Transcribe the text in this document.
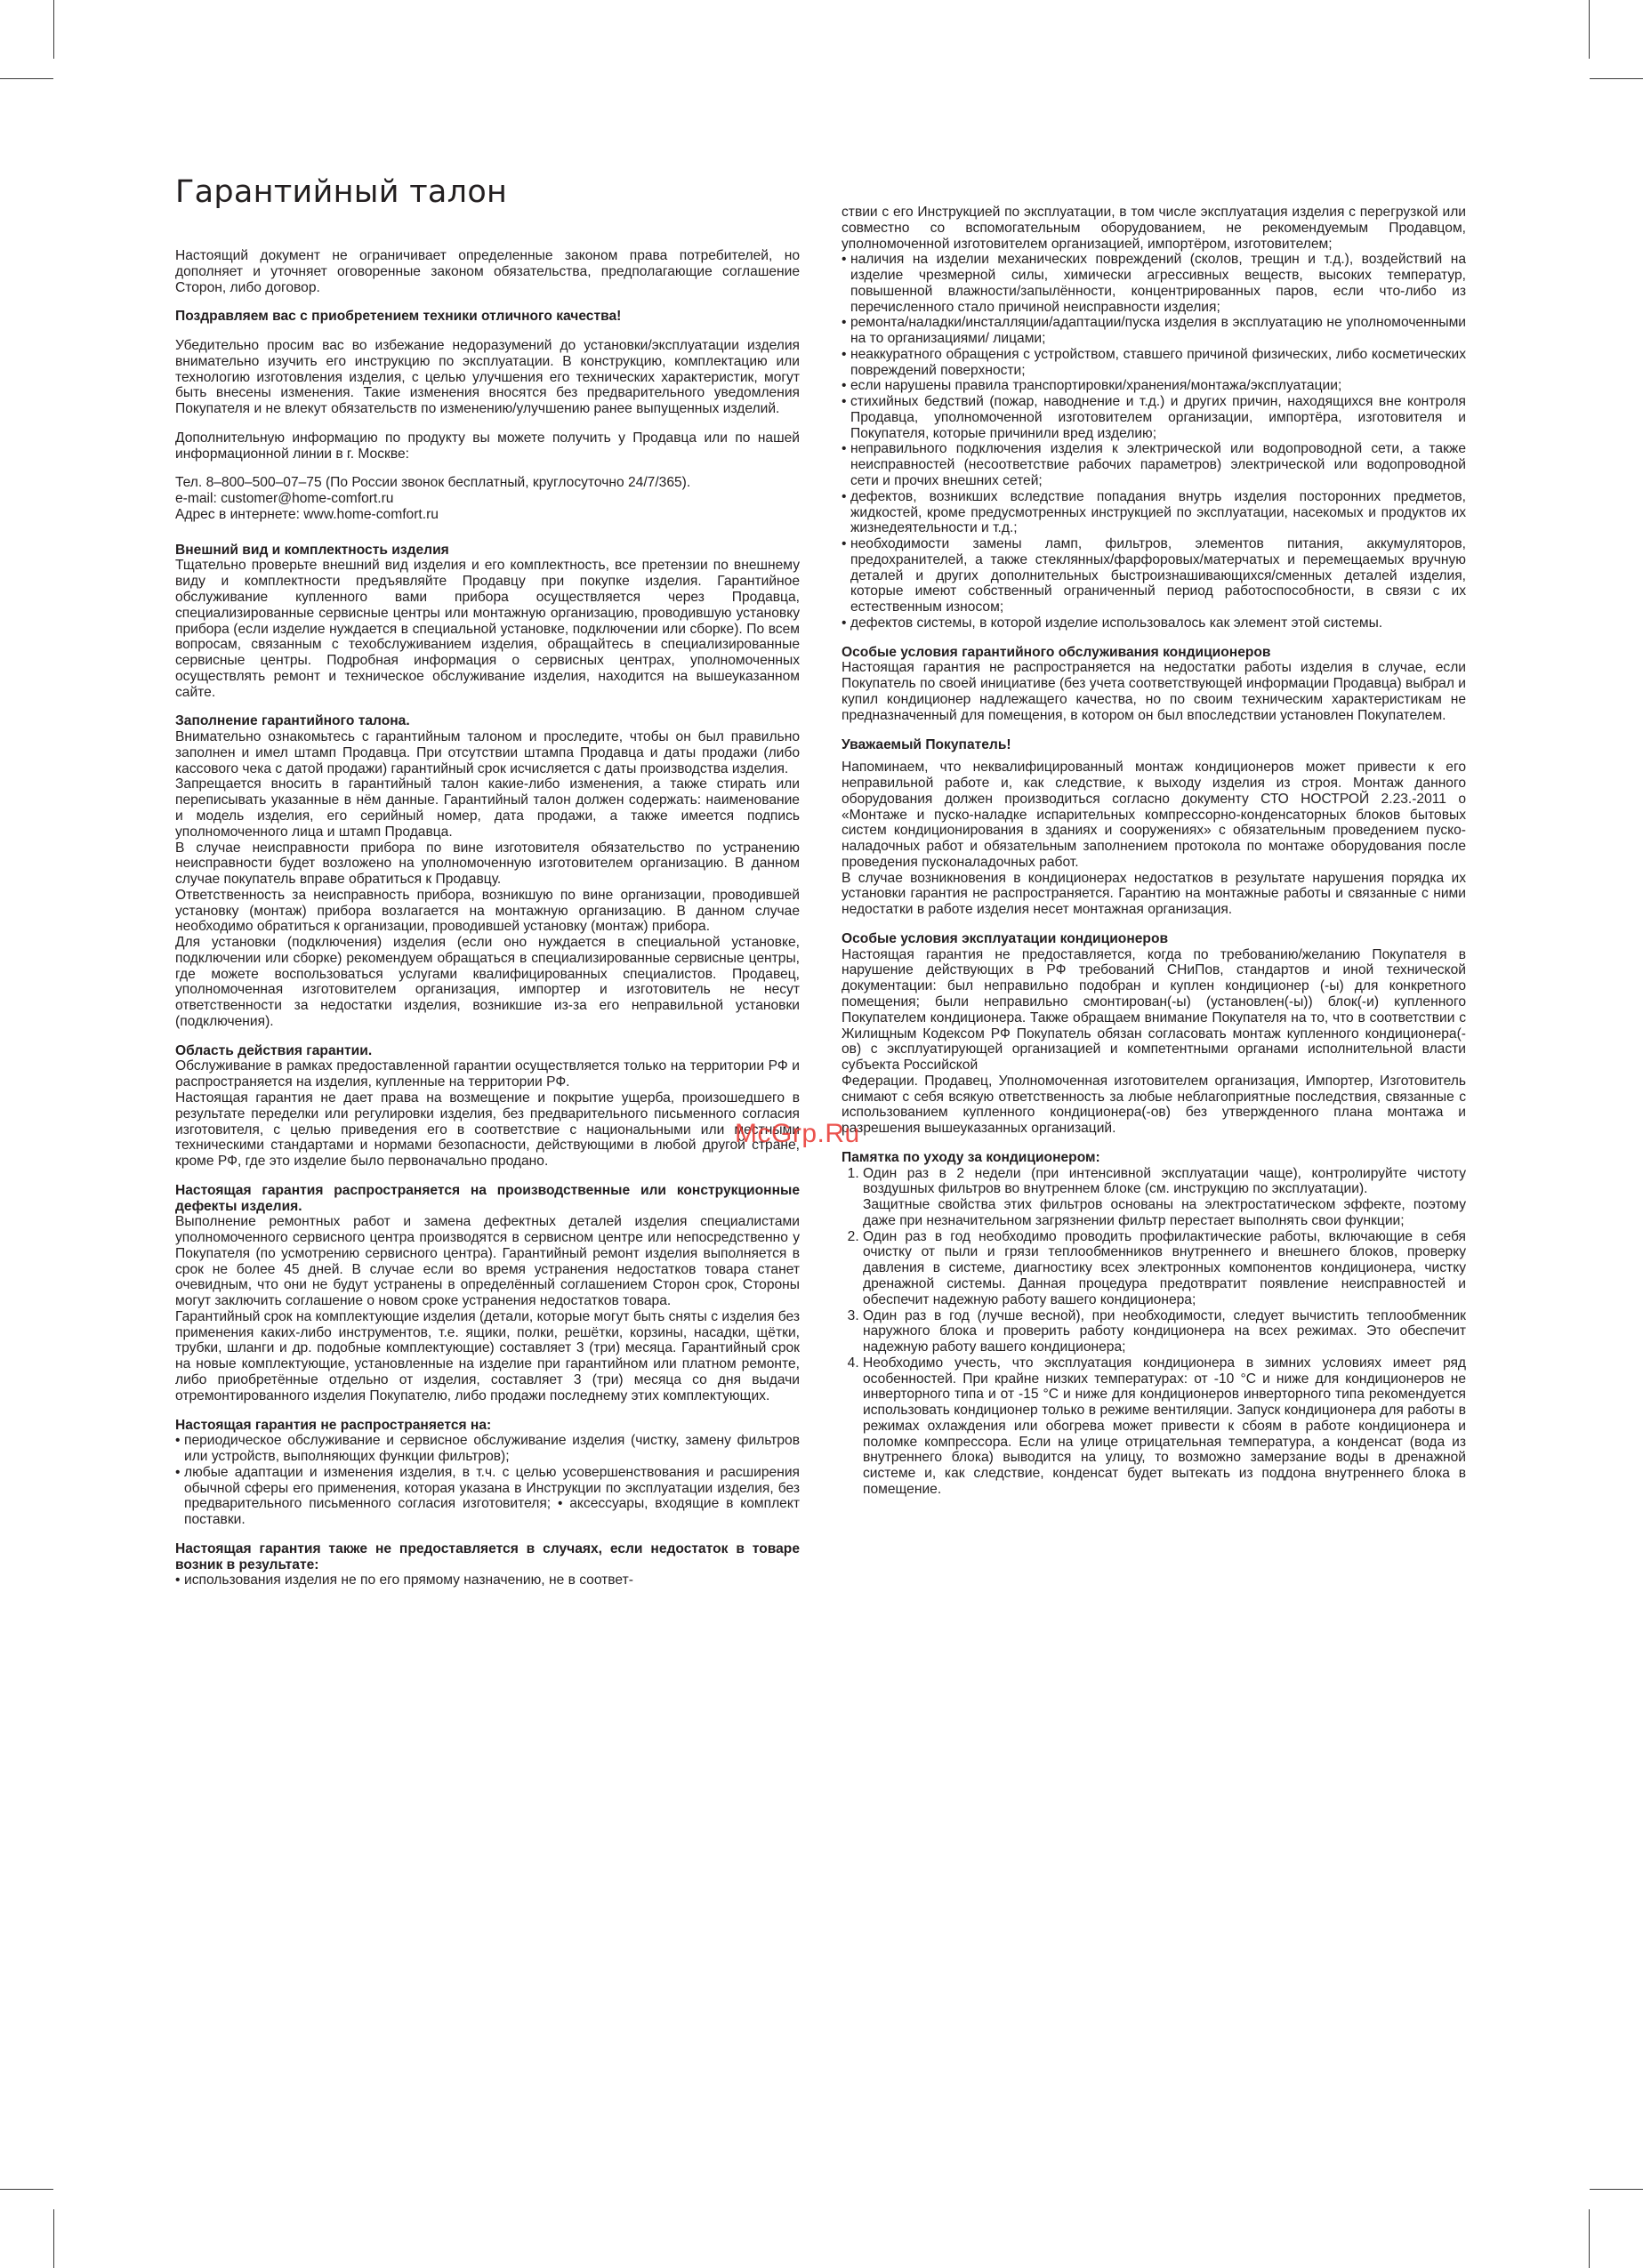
Гарантийный талон

Настоящий документ не ограничивает определенные законом права потребителей, но дополняет и уточняет оговоренные законом обязательства, предполагающие соглашение Сторон, либо договор.

Поздравляем вас с приобретением техники отличного качества!

Убедительно просим вас во избежание недоразумений до установки/эксплуатации изделия внимательно изучить его инструкцию по эксплуатации. В конструкцию, комплектацию или технологию изготовления изделия, с целью улучшения его технических характеристик, могут быть внесены изменения. Такие изменения вносятся без предварительного уведомления Покупателя и не влекут обязательств по изменению/улучшению ранее выпущенных изделий.

Дополнительную информацию по продукту вы можете получить у Продавца или по нашей информационной линии в г. Москве:

Тел. 8–800–500–07–75 (По России звонок бесплатный, круглосуточно 24/7/365).

e-mail: customer@home-comfort.ru

Адрес в интернете: www.home-comfort.ru

Внешний вид и комплектность изделия

Тщательно проверьте внешний вид изделия и его комплектность, все претензии по внешнему виду и комплектности предъявляйте Продавцу при покупке изделия. Гарантийное обслуживание купленного вами прибора осуществляется через Продавца, специализированные сервисные центры или монтажную организацию, проводившую установку прибора (если изделие нуждается в специальной установке, подключении или сборке). По всем вопросам, связанным с техобслуживанием изделия, обращайтесь в специализированные сервисные центры. Подробная информация о сервисных центрах, уполномоченных осуществлять ремонт и техническое обслуживание изделия, находится на вышеуказанном сайте.

Заполнение гарантийного талона.

Внимательно ознакомьтесь с гарантийным талоном и проследите, чтобы он был правильно заполнен и имел штамп Продавца. При отсутствии штампа Продавца и даты продажи (либо кассового чека с датой продажи) гарантийный срок исчисляется с даты производства изделия.

Запрещается вносить в гарантийный талон какие-либо изменения, а также стирать или переписывать указанные в нём данные. Гарантийный талон должен содержать: наименование и модель изделия, его серийный номер, дата продажи, а также имеется подпись уполномоченного лица и штамп Продавца.

В случае неисправности прибора по вине изготовителя обязательство по устранению неисправности будет возложено на уполномоченную изготовителем организацию. В данном случае покупатель вправе обратиться к Продавцу.

Ответственность за неисправность прибора, возникшую по вине организации, проводившей установку (монтаж) прибора возлагается на монтажную организацию. В данном случае необходимо обратиться к организации, проводившей установку (монтаж) прибора.

Для установки (подключения) изделия (если оно нуждается в специальной установке, подключении или сборке) рекомендуем обращаться в специализированные сервисные центры, где можете воспользоваться услугами квалифицированных специалистов. Продавец, уполномоченная изготовителем организация, импортер и изготовитель не несут ответственности за недостатки изделия, возникшие из-за его неправильной установки (подключения).

Область действия гарантии.

Обслуживание в рамках предоставленной гарантии осуществляется только на территории РФ и распространяется на изделия, купленные на территории РФ.

Настоящая гарантия не дает права на возмещение и покрытие ущерба, произошедшего в результате переделки или регулировки изделия, без предварительного письменного согласия изготовителя, с целью приведения его в соответствие с национальными или местными техническими стандартами и нормами безопасности, действующими в любой другой стране, кроме РФ, где это изделие было первоначально продано.

Настоящая гарантия распространяется на производственные или конструкционные дефекты изделия.

Выполнение ремонтных работ и замена дефектных деталей изделия специалистами уполномоченного сервисного центра производятся в сервисном центре или непосредственно у Покупателя (по усмотрению сервисного центра). Гарантийный ремонт изделия выполняется в срок не более 45 дней. В случае если во время устранения недостатков товара станет очевидным, что они не будут устранены в определённый соглашением Сторон срок, Стороны могут заключить соглашение о новом сроке устранения недостатков товара.

Гарантийный срок на комплектующие изделия (детали, которые могут быть сняты с изделия без применения каких-либо инструментов, т.е. ящики, полки, решётки, корзины, насадки, щётки, трубки, шланги и др. подобные комплектующие) составляет 3 (три) месяца. Гарантийный срок на новые комплектующие, установленные на изделие при гарантийном или платном ремонте, либо приобретённые отдельно от изделия, составляет 3 (три) месяца со дня выдачи отремонтированного изделия Покупателю, либо продажи последнему этих комплектующих.

Настоящая гарантия не распространяется на:

• периодическое обслуживание и сервисное обслуживание изделия (чистку, замену фильтров или устройств, выполняющих функции фильтров);
• любые адаптации и изменения изделия, в т.ч. с целью усовершенствования и расширения обычной сферы его применения, которая указана в Инструкции по эксплуатации изделия, без предварительного письменного согласия изготовителя; • аксессуары, входящие в комплект поставки.

Настоящая гарантия также не предоставляется в случаях, если недостаток в товаре возник в результате:

• использования изделия не по его прямому назначению, не в соответ-

ствии с его Инструкцией по эксплуатации, в том числе эксплуатация изделия с перегрузкой или совместно со вспомогательным оборудованием, не рекомендуемым Продавцом, уполномоченной изготовителем организацией, импортёром, изготовителем;

• наличия на изделии механических повреждений (сколов, трещин и т.д.), воздействий на изделие чрезмерной силы, химически агрессивных веществ, высоких температур, повышенной влажности/запылённости, концентрированных паров, если что-либо из перечисленного стало причиной неисправности изделия;
• ремонта/наладки/инсталляции/адаптации/пуска изделия в эксплуатацию не уполномоченными на то организациями/ лицами;
• неаккуратного обращения с устройством, ставшего причиной физических, либо косметических повреждений поверхности;
• если нарушены правила транспортировки/хранения/монтажа/эксплуатации;
• стихийных бедствий (пожар, наводнение и т.д.) и других причин, находящихся вне контроля Продавца, уполномоченной изготовителем организации, импортёра, изготовителя и Покупателя, которые причинили вред изделию;
• неправильного подключения изделия к электрической или водопроводной сети, а также неисправностей (несоответствие рабочих параметров) электрической или водопроводной сети и прочих внешних сетей;
• дефектов, возникших вследствие попадания внутрь изделия посторонних предметов, жидкостей, кроме предусмотренных инструкцией по эксплуатации, насекомых и продуктов их жизнедеятельности и т.д.;
• необходимости замены ламп, фильтров, элементов питания, аккумуляторов, предохранителей, а также стеклянных/фарфоровых/матерчатых и перемещаемых вручную деталей и других дополнительных быстроизнашивающихся/сменных деталей изделия, которые имеют собственный ограниченный период работоспособности, в связи с их естественным износом;
• дефектов системы, в которой изделие использовалось как элемент этой системы.

Особые условия гарантийного обслуживания кондиционеров

Настоящая гарантия не распространяется на недостатки работы изделия в случае, если Покупатель по своей инициативе (без учета соответствующей информации Продавца) выбрал и купил кондиционер надлежащего качества, но по своим техническим характеристикам не предназначенный для помещения, в котором он был впоследствии установлен Покупателем.

Уважаемый Покупатель!

Напоминаем, что неквалифицированный монтаж кондиционеров может привести к его неправильной работе и, как следствие, к выходу изделия из строя. Монтаж данного оборудования должен производиться согласно документу СТО НОСТРОЙ 2.23.-2011 о «Монтаже и пуско-наладке испарительных компрессорно-конденсаторных блоков бытовых систем кондиционирования в зданиях и сооружениях» с обязательным проведением пуско-наладочных работ и обязательным заполнением протокола по монтаже оборудования после проведения пусконаладочных работ.

В случае возникновения в кондиционерах недостатков в результате нарушения порядка их установки гарантия не распространяется. Гарантию на монтажные работы и связанные с ними недостатки в работе изделия несет монтажная организация.

Особые условия эксплуатации кондиционеров

Настоящая гарантия не предоставляется, когда по требованию/желанию Покупателя в нарушение действующих в РФ требований СНиПов, стандартов и иной технической документации: был неправильно подобран и куплен кондиционер (-ы) для конкретного помещения; были неправильно смонтирован(-ы) (установлен(-ы)) блок(-и) купленного Покупателем кондиционера. Также обращаем внимание Покупателя на то, что в соответствии с Жилищным Кодексом РФ Покупатель обязан согласовать монтаж купленного кондиционера(-ов) с эксплуатирующей организацией и компетентными органами исполнительной власти субъекта Российской

Федерации. Продавец, Уполномоченная изготовителем организация, Импортер, Изготовитель снимают с себя всякую ответственность за любые неблагоприятные последствия, связанные с использованием купленного кондиционера(-ов) без утвержденного плана монтажа и разрешения вышеуказанных организаций.

Памятка по уходу за кондиционером:

1. Один раз в 2 недели (при интенсивной эксплуатации чаще), контролируйте чистоту воздушных фильтров во внутреннем блоке (см. инструкцию по эксплуатации).
Защитные свойства этих фильтров основаны на электростатическом эффекте, поэтому даже при незначительном загрязнении фильтр перестает выполнять свои функции;
2. Один раз в год необходимо проводить профилактические работы, включающие в себя очистку от пыли и грязи теплообменников внутреннего и внешнего блоков, проверку давления в системе, диагностику всех электронных компонентов кондиционера, чистку дренажной системы. Данная процедура предотвратит появление неисправностей и обеспечит надежную работу вашего кондиционера;
3. Один раз в год (лучше весной), при необходимости, следует вычистить теплообменник наружного блока и проверить работу кондиционера на всех режимах. Это обеспечит надежную работу вашего кондиционера;
4. Необходимо учесть, что эксплуатация кондиционера в зимних условиях имеет ряд особенностей. При крайне низких температурах: от -10 °С и ниже для кондиционеров не инверторного типа и от -15 °С и ниже для кондиционеров инверторного типа рекомендуется использовать кондиционер только в режиме вентиляции. Запуск кондиционера для работы в режимах охлаждения или обогрева может привести к сбоям в работе кондиционера и поломке компрессора. Если на улице отрицательная температура, а конденсат (вода из внутреннего блока) выводится на улицу, то возможно замерзание воды в дренажной системе и, как следствие, конденсат будет вытекать из поддона внутреннего блока в помещение.
McGrp.Ru
